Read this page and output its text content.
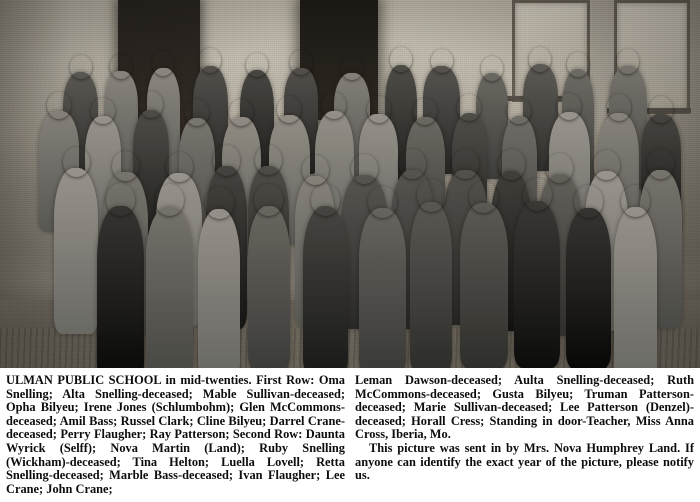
ULMAN PUBLIC SCHOOL in mid-twenties. First Row: Oma Snelling; Alta Snelling-deceased; Mable Sullivan-deceased; Opha Bilyeu; Irene Jones (Schlumbohm); Glen McCommons-deceased; Amil Bass; Russel Clark; Cline Bilyeu; Darrel Crane-deceased; Perry Flaugher; Ray Patterson; Second Row: Daunta Wyrick (Selff); Nova Martin (Land); Ruby Snelling (Wickham)-deceased; Tina Helton; Luella Lovell; Retta Snelling-deceased; Marble Bass-deceased; Ivan Flaugher; Lee Crane; John Crane;

Leman Dawson-deceased; Aulta Snelling-deceased; Ruth McCommons-deceased; Gusta Bilyeu; Truman Patterson-deceased; Marie Sullivan-deceased; Lee Patterson (Denzel)-deceased; Horall Cress; Standing in door-Teacher, Miss Anna Cross, Iberia, Mo.

This picture was sent in by Mrs. Nova Humphrey Land. If anyone can identify the exact year of the picture, please notify us.
